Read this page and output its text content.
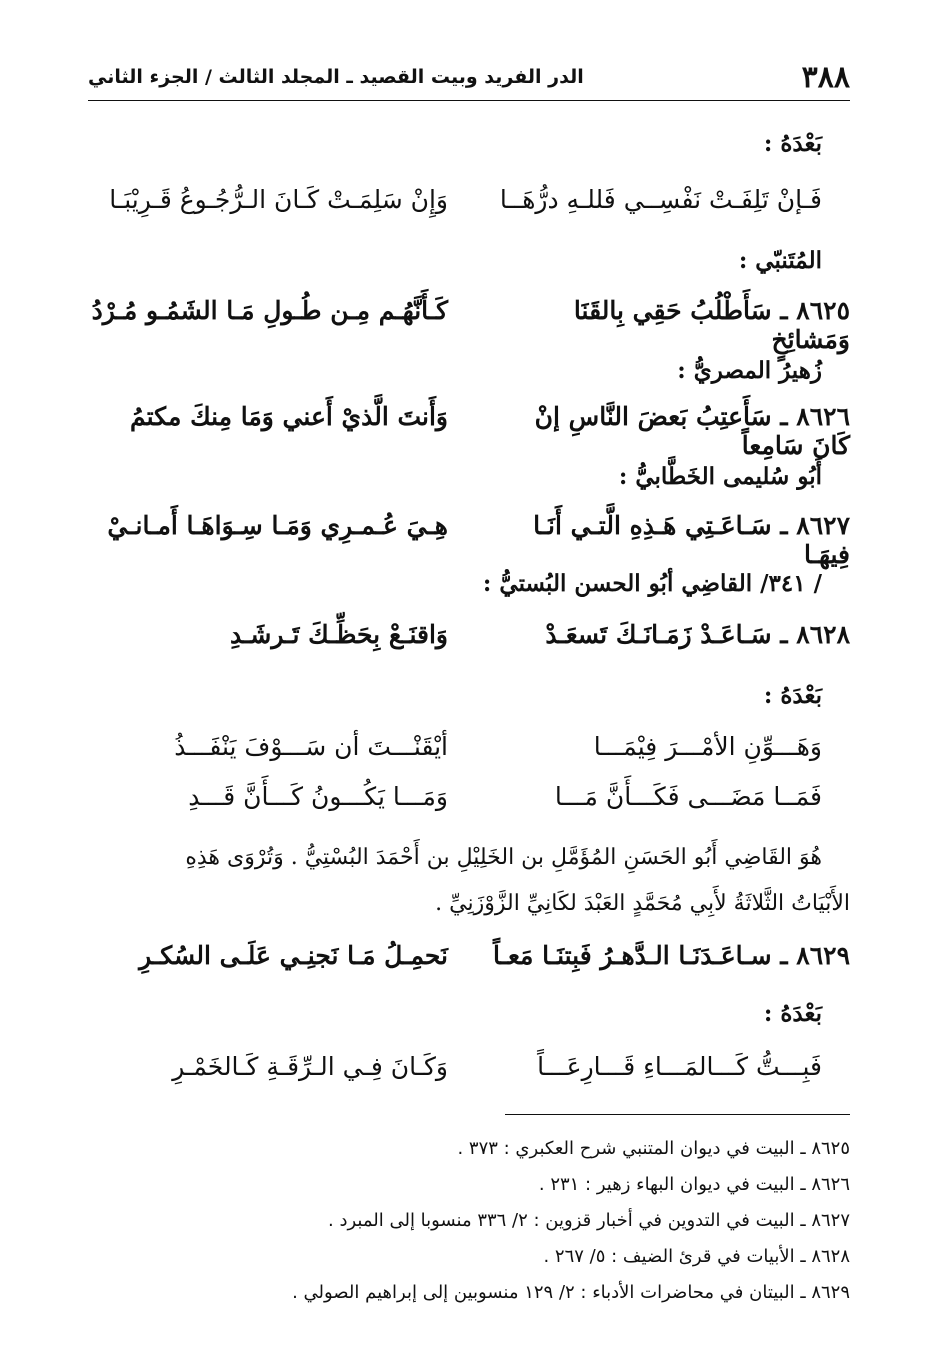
٣٨٨
الدر الفريد وبيت القصيد ـ المجلد الثالث / الجزء الثاني
بَعْدَهُ :
فَـإنْ تَلِفَـتْ نَفْسِــي فَللـهِ درُّهَــا
وَإِنْ سَلِمَـتْ كَـانَ الـرُّجُـوعُ قَـرِيْبَـا
المُتَنبّي :
٨٦٢٥ ـ سَأَطْلُبُ حَقِي بِالقَنَا وَمَشائِخٍ
كَـأَنَّهُـم مِـن طُـولِ مَـا الشَمُـو مُـرْدُ
زُهيرُ المصريُّ :
٨٦٢٦ ـ سَأَعتِبُ بَعضَ النَّاسِ إنْ كَانَ سَامِعاً
وَأَنتَ الَّذيْ أَعني وَمَا مِنكَ مكتمُ
أَبُو سُليمى الخَطَّابيُّ :
٨٦٢٧ ـ سَـاعَـتِي هَـذِهِ الَّتـي أَنَـا فِيهَـا
هِـيَ عُـمـرِي وَمَـا سِـوَاهَـا أَمـانـيْ
/ ٣٤١/ القاضِي أبُو الحسن البُستيُّ :
٨٦٢٨ ـ سَـاعَـدْ زَمَـانَـكَ تَسعَـدْ
وَاقنَـعْ بِحَظِّـكَ تَـرشَـدِ
بَعْدَهُ :
وَهَـــوِّنِ الأمْـــرَ فِيْمَـــا
أيْقَنْـــتَ أن سَـــوْفَ يَنْفَـــذُ
فَمَــا مَضَـــى فَكَـــأَنَّ مَـــا
وَمَـــا يَكُـــونُ كَـــأَنَّ قَـــدِ
هُوَ القَاضِي أَبُو الحَسَنِ المُؤَمَّلِ بن الخَلِيْلِ بن أَحْمَدَ البُسْتِيُّ . وَتُرْوَى هَذِهِ
الأَبْيَاتُ الثَّلاثَةُ لأَبِي مُحَمَّدٍ العَبْدَ لكَانِيِّ الزَّوْزَنِيِّ .
٨٦٢٩ ـ سـاعَـدَنَـا الـدَّهـرُ فَبِتنَـا مَعـاً
نَحمِـلُ مَـا نَجنِـي عَلَـى السُكـرِ
بَعْدَهُ :
فَبِـــتُّ كَـــالمَـــاءِ قَـــارِعَـــاً
وَكَـانَ فِـي الـرِّقَـةِ كَـالخَمْـرِ
٨٦٢٥ ـ البيت في ديوان المتنبي شرح العكبري : ٣٧٣ .
٨٦٢٦ ـ البيت في ديوان البهاء زهير : ٢٣١ .
٨٦٢٧ ـ البيت في التدوين في أخبار قزوين : ٢/ ٣٣٦ منسوبا إلى المبرد .
٨٦٢٨ ـ الأبيات في قرئ الضيف : ٥/ ٢٦٧ .
٨٦٢٩ ـ البيتان في محاضرات الأدباء : ٢/ ١٢٩ منسوبين إلى إبراهيم الصولي .
